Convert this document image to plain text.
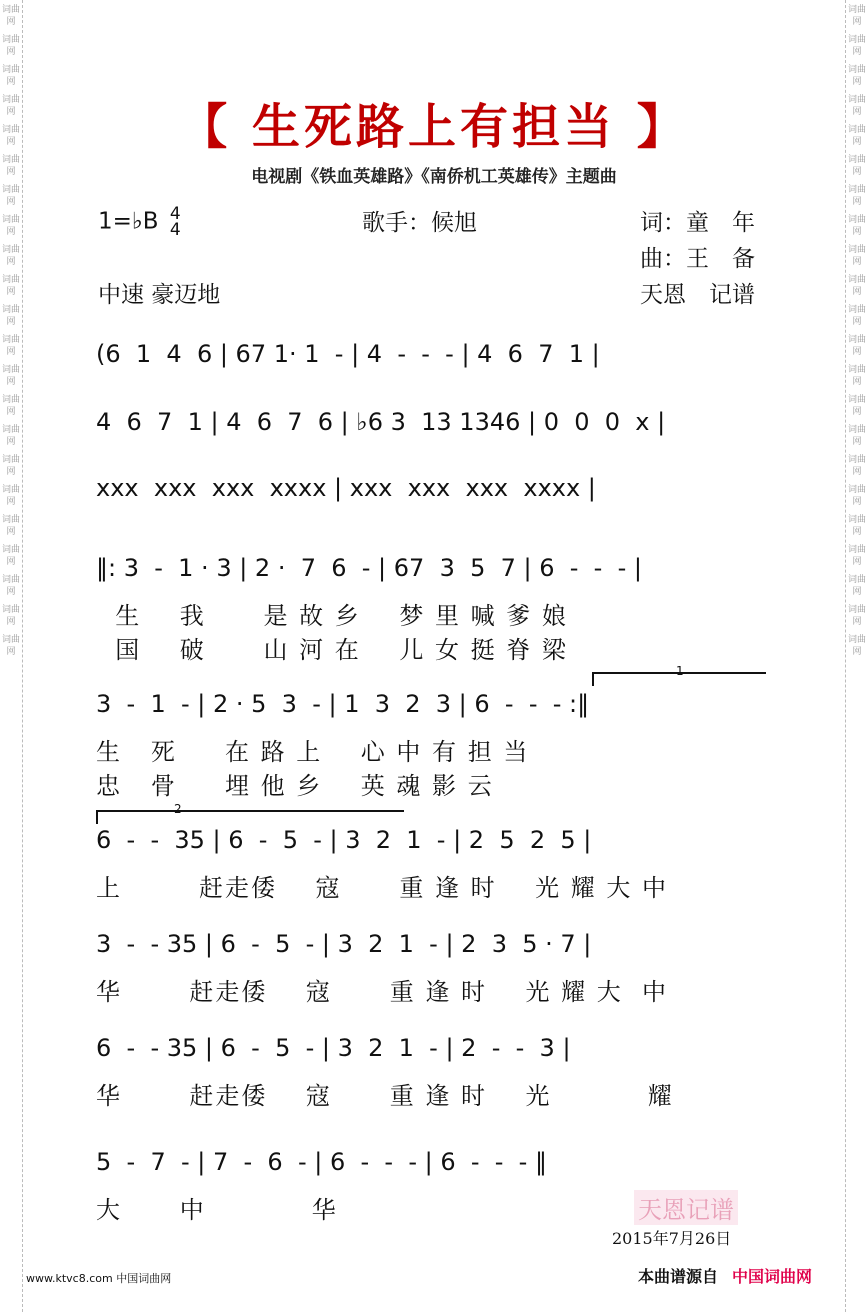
词曲网
词曲网
词曲网
词曲网
词曲网
词曲网
词曲网
词曲网
词曲网
词曲网
词曲网
词曲网
词曲网
词曲网
词曲网
词曲网
词曲网
词曲网
词曲网
词曲网
词曲网
词曲网
词曲网
词曲网
词曲网
词曲网
词曲网
词曲网
词曲网
词曲网
词曲网
词曲网
词曲网
词曲网
词曲网
词曲网
词曲网
词曲网
词曲网
词曲网
词曲网
词曲网
词曲网
词曲网
【 生死路上有担当 】
电视剧《铁血英雄路》《南侨机工英雄传》主题曲
1=♭B 4
4	歌手：候旭	词：童　年
曲：王　备
中速 豪迈地	天恩　记谱
(6  1  4  6 | 67 1· 1  - | 4  -  -  - | 4  6  7  1 |
4  6  7  1 | 4  6  7  6 | ♭6 3  13 1346 | 0  0  0  x |
xxx  xxx  xxx  xxxx | xxx  xxx  xxx  xxxx |
‖: 3  -  1 · 3 | 2 ·  7  6  - | 67  3  5  7 | 6  -  -  - |
生    我      是 故 乡    梦 里 喊 爹 娘
国    破      山 河 在    儿 女 挺 脊 梁
1
3  -  1  - | 2 · 5  3  - | 1  3  2  3 | 6  -  -  - :‖
生   死     在 路 上    心 中 有 担 当
忠   骨     埋 他 乡    英 魂 影 云
2
6  -  -  35 | 6  -  5  - | 3  2  1  - | 2  5  2  5 |
上        赶走倭    寇      重 逢 时    光 耀 大 中
3  -  - 35 | 6  -  5  - | 3  2  1  - | 2  3  5 · 7 |
华       赶走倭    寇      重 逢 时    光 耀 大  中
6  -  - 35 | 6  -  5  - | 3  2  1  - | 2  -  -  3 |
华       赶走倭    寇      重 逢 时    光          耀
5  -  7  - | 7  -  6  - | 6  -  -  - | 6  -  -  - ‖
大      中           华	天恩记谱
2015年7月26日
www.ktvc8.com 中国词曲网	本曲谱源自 中国词曲网
